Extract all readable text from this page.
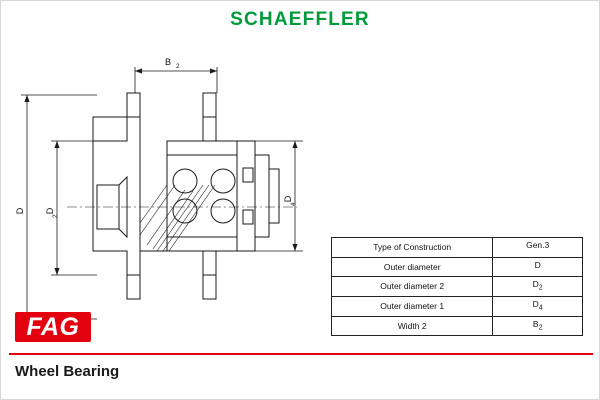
SCHAEFFLER
B 2
D D
2
D
4
Type of Construction	Gen.3
Outer diameter	D
Outer diameter 2	$D_2$
Outer diameter 1	$D_4$
Width 2	$B_2$
FAG
Wheel Bearing
